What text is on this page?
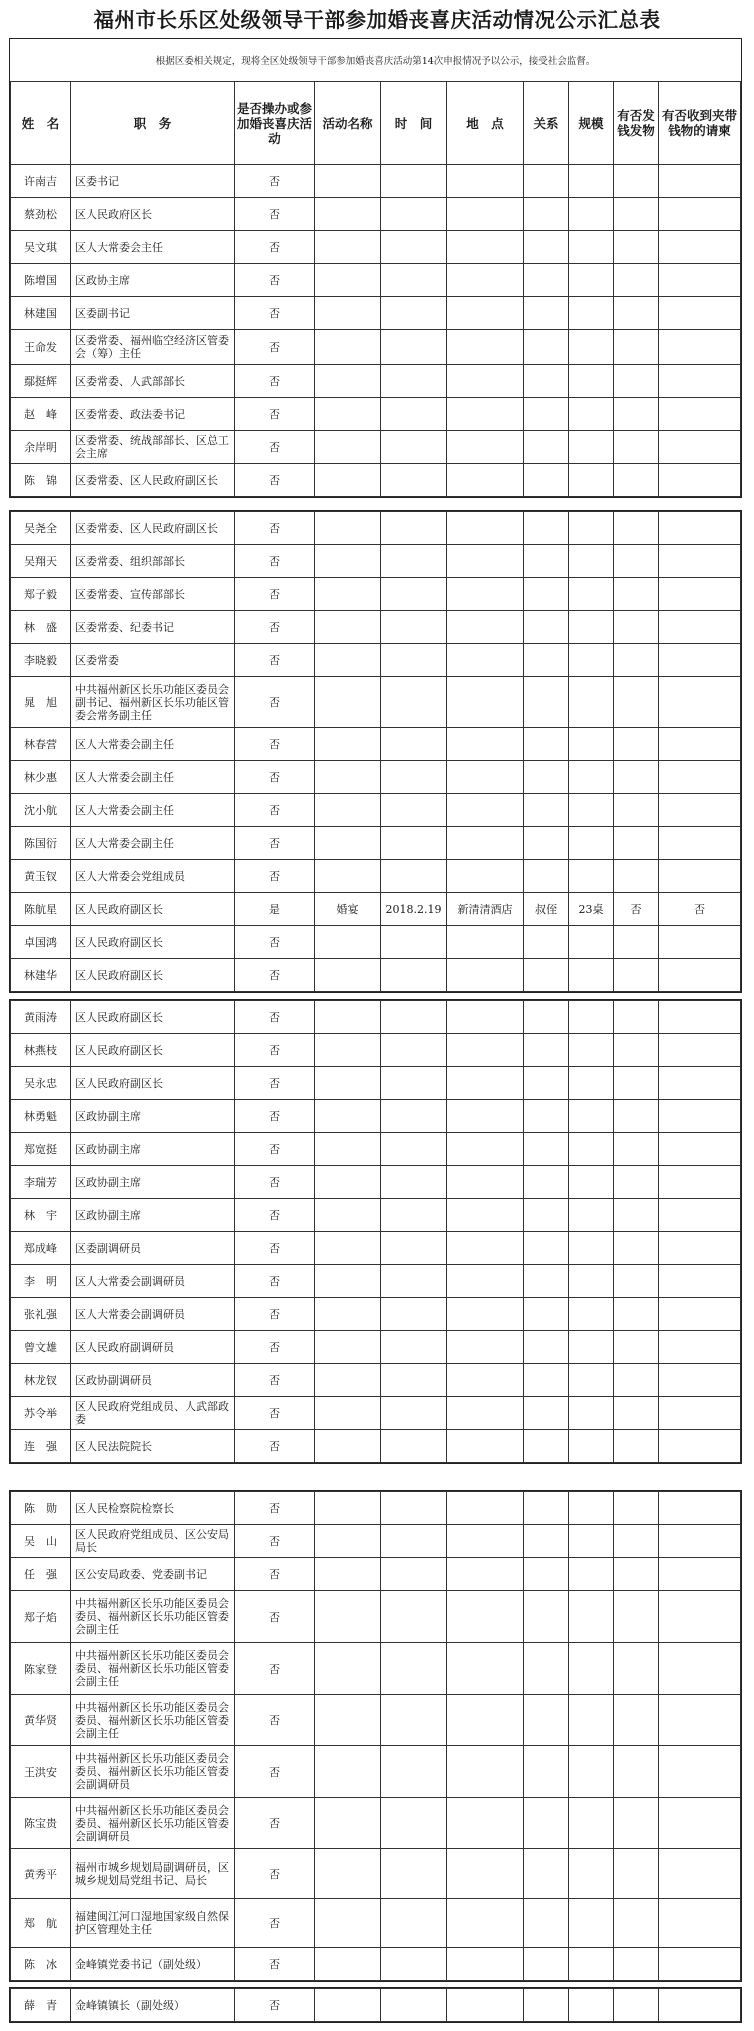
福州市长乐区处级领导干部参加婚丧喜庆活动情况公示汇总表
根据区委相关规定，现将全区处级领导干部参加婚丧喜庆活动第14次申报情况予以公示，接受社会监督。									
姓　名	职　务	是否操办或参加婚丧喜庆活动	活动名称	时　间	地　点	关系	规模	有否发钱发物	有否收到夹带钱物的请柬
许南吉	区委书记	否							
蔡劲松	区人民政府区长	否							
吴文琪	区人大常委会主任	否							
陈增国	区政协主席	否							
林建国	区委副书记	否							
王命发	区委常委、福州临空经济区管委会（筹）主任	否							
鄢挺辉	区委常委、人武部部长	否							
赵　峰	区委常委、政法委书记	否							
余岸明	区委常委、统战部部长、区总工会主席	否							
陈　锦	区委常委、区人民政府副区长	否							
吴尧全	区委常委、区人民政府副区长	否							
吴翔天	区委常委、组织部部长	否							
郑子毅	区委常委、宣传部部长	否							
林　盛	区委常委、纪委书记	否							
李晓毅	区委常委	否							
晁　旭	中共福州新区长乐功能区委员会副书记、福州新区长乐功能区管委会常务副主任	否							
林春营	区人大常委会副主任	否							
林少惠	区人大常委会副主任	否							
沈小航	区人大常委会副主任	否							
陈国衍	区人大常委会副主任	否							
黄玉钗	区人大常委会党组成员	否							
陈航星	区人民政府副区长	是	婚宴	2018.2.19	新清清酒店	叔侄	23桌	否	否
卓国鸿	区人民政府副区长	否							
林建华	区人民政府副区长	否							
黄雨涛	区人民政府副区长	否							
林燕枝	区人民政府副区长	否							
吴永忠	区人民政府副区长	否							
林勇魁	区政协副主席	否							
郑宽挺	区政协副主席	否							
李瑞芳	区政协副主席	否							
林　宇	区政协副主席	否							
郑成峰	区委副调研员	否							
李　明	区人大常委会副调研员	否							
张礼强	区人大常委会副调研员	否							
曾文雄	区人民政府副调研员	否							
林龙钗	区政协副调研员	否							
苏令举	区人民政府党组成员、人武部政委	否							
连　强	区人民法院院长	否							
陈　勋	区人民检察院检察长	否							
吴　山	区人民政府党组成员、区公安局局长	否							
任　强	区公安局政委、党委副书记	否							
郑子焰	中共福州新区长乐功能区委员会委员、福州新区长乐功能区管委会副主任	否							
陈家登	中共福州新区长乐功能区委员会委员、福州新区长乐功能区管委会副主任	否							
黄华贤	中共福州新区长乐功能区委员会委员、福州新区长乐功能区管委会副主任	否							
王洪安	中共福州新区长乐功能区委员会委员、福州新区长乐功能区管委会副调研员	否							
陈宝贵	中共福州新区长乐功能区委员会委员、福州新区长乐功能区管委会副调研员	否							
黄秀平	福州市城乡规划局副调研员，区城乡规划局党组书记、局长	否							
郑　航	福建闽江河口湿地国家级自然保护区管理处主任	否							
陈　冰	金峰镇党委书记（副处级）	否							
薛　青	金峰镇镇长（副处级）	否							
